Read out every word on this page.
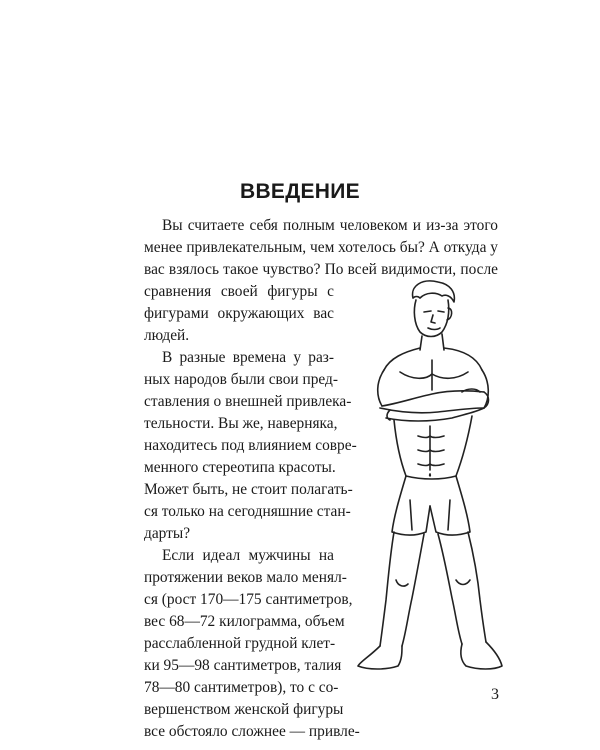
ВВЕДЕНИЕ
Вы считаете себя полным человеком и из-за этого
менее привлекательным, чем хотелось бы? А откуда у
вас взялось такое чувство? По всей видимости, после
сравнения своей фигуры с
фигурами окружающих вас
людей.
В разные времена у раз-
ных народов были свои пред-
ставления о внешней привлека-
тельности. Вы же, наверняка,
находитесь под влиянием совре-
менного стереотипа красоты.
Может быть, не стоит полагать-
ся только на сегодняшние стан-
дарты?
Если идеал мужчины на
протяжении веков мало менял-
ся (рост 170—175 сантиметров,
вес 68—72 килограмма, объем
расслабленной грудной клет-
ки 95—98 сантиметров, талия
78—80 сантиметров), то с со-
вершенством женской фигуры
все обстояло сложнее — привле-
3
